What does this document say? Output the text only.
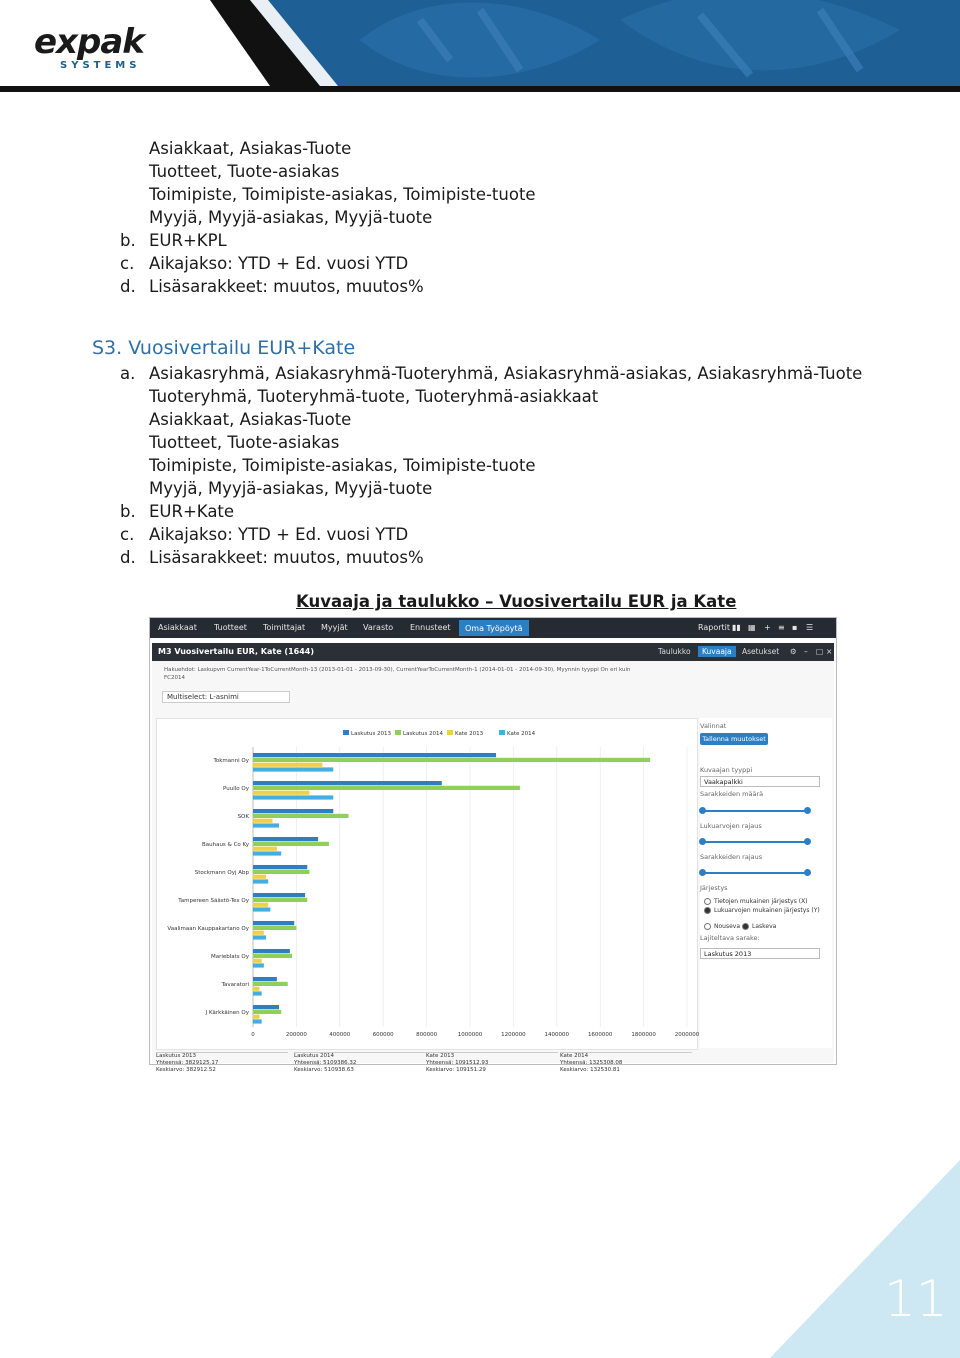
expak
SYSTEMS
Asiakkaat, Asiakas-Tuote
Tuotteet, Tuote-asiakas
Toimipiste, Toimipiste-asiakas, Toimipiste-tuote
Myyjä, Myyjä-asiakas, Myyjä-tuote
b. EUR+KPL
c. Aikajakso: YTD + Ed. vuosi YTD
d. Lisäsarakkeet: muutos, muutos%
S3. Vuosivertailu EUR+Kate
a. Asiakasryhmä, Asiakasryhmä-Tuoteryhmä, Asiakasryhmä-asiakas, Asiakasryhmä-Tuote
Tuoteryhmä, Tuoteryhmä-tuote, Tuoteryhmä-asiakkaat
Asiakkaat, Asiakas-Tuote
Tuotteet, Tuote-asiakas
Toimipiste, Toimipiste-asiakas, Toimipiste-tuote
Myyjä, Myyjä-asiakas, Myyjä-tuote
b. EUR+Kate
c. Aikajakso: YTD + Ed. vuosi YTD
d. Lisäsarakkeet: muutos, muutos%
Kuvaaja ja taulukko – Vuosivertailu EUR ja Kate
Asiakkaat Tuotteet Toimittajat Myyjät Varasto Ennusteet	Oma Työpöytä	Raportit ▮▮ ▦ + ≡ ▪ ☰
M3 Vuosivertailu EUR, Kate (1644)	Taulukko	Kuvaaja	Asetukset	⚙ –	□ ×
Hakuehdot: Laskupvm CurrentYear-1ToCurrentMonth-13 (2013-01-01 - 2013-09-30), CurrentYearToCurrentMonth-1 (2014-01-01 - 2014-09-30), Myynnin tyyppi On eri kuin
FC2014
Multiselect: L-asnimi
Laskutus 2013 Laskutus 2014 Kate 2013	Kate 2014
0	200000	400000	600000	800000	1000000	1200000	1400000	1600000	1800000	2000000
Tokmanni Oy
Puuilo Oy
SOK
Bauhaus & Co Ky
Stockmann Oyj Abp
Tampereen Säästö-Tex Oy
Vaalimaan Kauppakartano Oy
Marieblats Oy
Tavaratori
J Kärkkäinen Oy
Valinnat
Tallenna muutokset
Kuvaajan tyyppi
Vaakapalkki
Sarakkeiden määrä
Lukuarvojen rajaus
Sarakkeiden rajaus
Järjestys
Tietojen mukainen järjestys (X)
Lukuarvojen mukainen järjestys (Y)
Nouseva	Laskeva
Lajiteltava sarake:
Laskutus 2013
Laskutus 2013
Yhteensä: 3829125.17
Keskiarvo: 382912.52
Laskutus 2014
Yhteensä: 5109386.32
Keskiarvo: 510938.63
Kate 2013
Yhteensä: 1091512.93
Keskiarvo: 109151.29
Kate 2014
Yhteensä: 1325308.08
Keskiarvo: 132530.81
11
